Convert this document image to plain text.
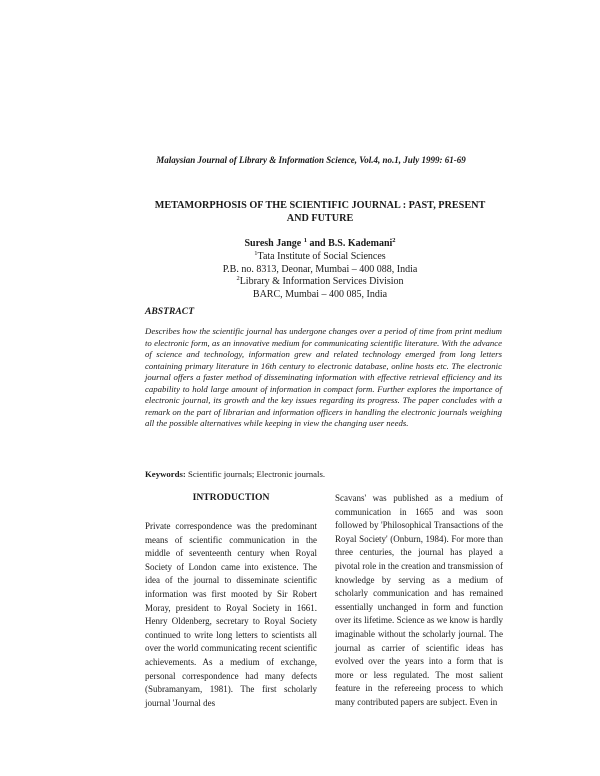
Malaysian Journal of Library & Information Science, Vol.4, no.1, July 1999: 61-69
METAMORPHOSIS OF THE SCIENTIFIC JOURNAL : PAST, PRESENT
AND FUTURE
Suresh Jange $^1$ and B.S. Kademani$^2$
$^1$Tata Institute of Social Sciences
P.B. no. 8313, Deonar, Mumbai – 400 088, India
$^2$Library & Information Services Division
BARC, Mumbai – 400 085, India
ABSTRACT
Describes how the scientific journal has undergone changes over a period of time from print medium to electronic form, as an innovative medium for communicating scientific literature. With the advance of science and technology, information grew and related technology emerged from long letters containing primary literature in 16th century to electronic database, online hosts etc. The electronic journal offers a faster method of disseminating information with effective retrieval efficiency and its capability to hold large amount of information in compact form. Further explores the importance of electronic journal, its growth and the key issues regarding its progress. The paper concludes with a remark on the part of librarian and information officers in handling the electronic journals weighing all the possible alternatives while keeping in view the changing user needs.
Keywords: Scientific journals; Electronic journals.
INTRODUCTION
Private correspondence was the predominant means of scientific communication in the middle of seventeenth century when Royal Society of London came into existence. The idea of the journal to disseminate scientific information was first mooted by Sir Robert Moray, president to Royal Society in 1661. Henry Oldenberg, secretary to Royal Society continued to write long letters to scientists all over the world communicating recent scientific achievements. As a medium of exchange, personal correspondence had many defects (Subramanyam, 1981). The first scholarly journal 'Journal des
Scavans' was published as a medium of communication in 1665 and was soon followed by 'Philosophical Transactions of the Royal Society' (Onburn, 1984). For more than three centuries, the journal has played a pivotal role in the creation and transmission of knowledge by serving as a medium of scholarly communication and has remained essentially unchanged in form and function over its lifetime. Science as we know is hardly imaginable without the scholarly journal. The journal as carrier of scientific ideas has evolved over the years into a form that is more or less regulated. The most salient feature in the refereeing process to which many contributed papers are subject. Even in
